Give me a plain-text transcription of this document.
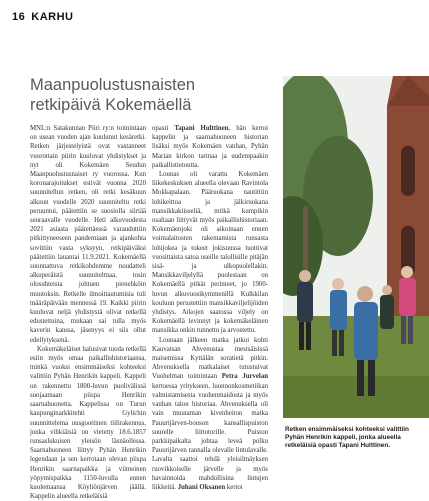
16 KARHU
Maanpuolustusnaisten
retkipäivä Kokemäellä

MNL:n Satakunnan Piiri ry:n toimintaan on usean vuoden ajan kuulunut kesäretki. Retken järjestelyistä ovat vastanneet vuorottain piirin kuuluvat yhdistykset ja nyt oli Kokemäen Seudun Maanpuolustusnaiset ry vuorossa. Kun koronarajoitukset estivät vuonna 2020 suunnitellun retken, oli retki kesäkuun alkuun vuodelle 2020 suunniteltu retki peruuntui, päätettiin se suosiolla siirtää seuraavalle vuodelle. Heti alkuvuodesta 2021 asiasta päätettäessä varauduttiin pitkittyneeseen pandemiaan ja ajankohta sovittiin vasta syksyyn, retkipäiväksi päätettiin lauantai 11.9.2021. Kokemäellä suunnattuva retkikohdemme noudatteli alkuperäistä suunnitelmaa, tosin olosuhteista johtuen pienehköin muutoksin. Retkelle ilmoittautumisia tuli määräpäivään mennessä 19. Kaikki piirin kuuluvat neljä yhdistystä olivat retkellä edustettuina, mukaan sai tulla myös kaverin kanssa, jäsenyys ei siis ollut edellytyksenä.

Kokemäkeläiset halusivat tuoda retkellä esiin myös omaa paikallishistoriaansa, minkä vuoksi ensimmäiseksi kohteeksi valittiin Pyhän Henrikin kappeli. Kappeli on rakennettu 1800-luvun puolivälissä suojaamaan piispa Henrikin saarnahuonetta. Kappelissa on Turun kaupunginarkkitehti Gylichin suunnittelema uusgoottinen tiilirakennus, jonka vihkiäisiä on vietetty 18.6.1857 runsaslukuisen yleisön läsnäollessa. Saarnahuoneen liittyy Pyhän Henrikin legendaan ja sen kerrotaan olevan piispa Henrikin saarnapaikka ja viimeinen yöpymispaikka 1150-luvulla ennen kuolemaansa Köyliönjärven jäällä. Kappelin alueella retkeläisiä

opasti Tapani Hulttinen, hän kertoi kappelin ja saarnahuoneen historian lisäksi myös Kokemäen vanhan, Pyhän Marian kirkon tarinaa ja uudempaakin paikallistietoutta.

Lounas oli varattu Kokemäen liikekeskuksen alueella olevaan Ravintola Mokkapalaan. Pääruokana nautittiin lohikeittoa ja jälkiruokana mansikkakiisseliä, mitkä kumpikin osaltaan liittyvät myös paikallishistoriaan. Kokemäenjoki oli aikoinaan ennen voimalaitosten rakentamista runsasta lohijokea ja tokeet jokisuussa tuottivat vuosittaista satoa useille talollisille pitäjän sisä- ja ulkopuolellakin. Mansikkaviljelyllä puolestaan on Kokemäellä pitkät perinteet, jo 1900-luvun alkuvuosikymmenillä Kulkkilan kouluun perustettiin mansikkaviljelijöiden yhdistys. Aikojen saatossa viljely on Kokemäellä levinnyt ja kokemäkeläinen mansikka onkin tunnettu ja arvostettu.

Lounaan jälkeen matka jatkui kohti Kauvatsan Ahvenustaa mestsäisissä maisemissa Kyttälän soratietä pitkin. Ahvenuksella matkalaiset tutustuivat Vuohelman toimintaan Petra Jurvelan kertoessa yritykseen, luonnonkosmetiikan valmistamisesta vuohenmaidosta ja myös vanhan talon historiaa. Ahvenuksella oli vain muutaman kivenheiton matka Pauurijärven-bouson kansallispuiston suurelle liittotorille. Puiston parkkipaikalta johtaa leveä polku Pauurijärven rannalla olevalle lintulavalle. Lavalta saattoi tehdä yleisilmäyksen ruovikkoiselle järvelle ja myös havainnoida mahdollisina lintujen liikkeitä. Juhani Oksanen kertoi

Retken ensimmäiseksi kohteeksi valittiin Pyhän Henrikin kappeli, jonka alueella retkeläisiä opasti Tapani Hulttinen.
